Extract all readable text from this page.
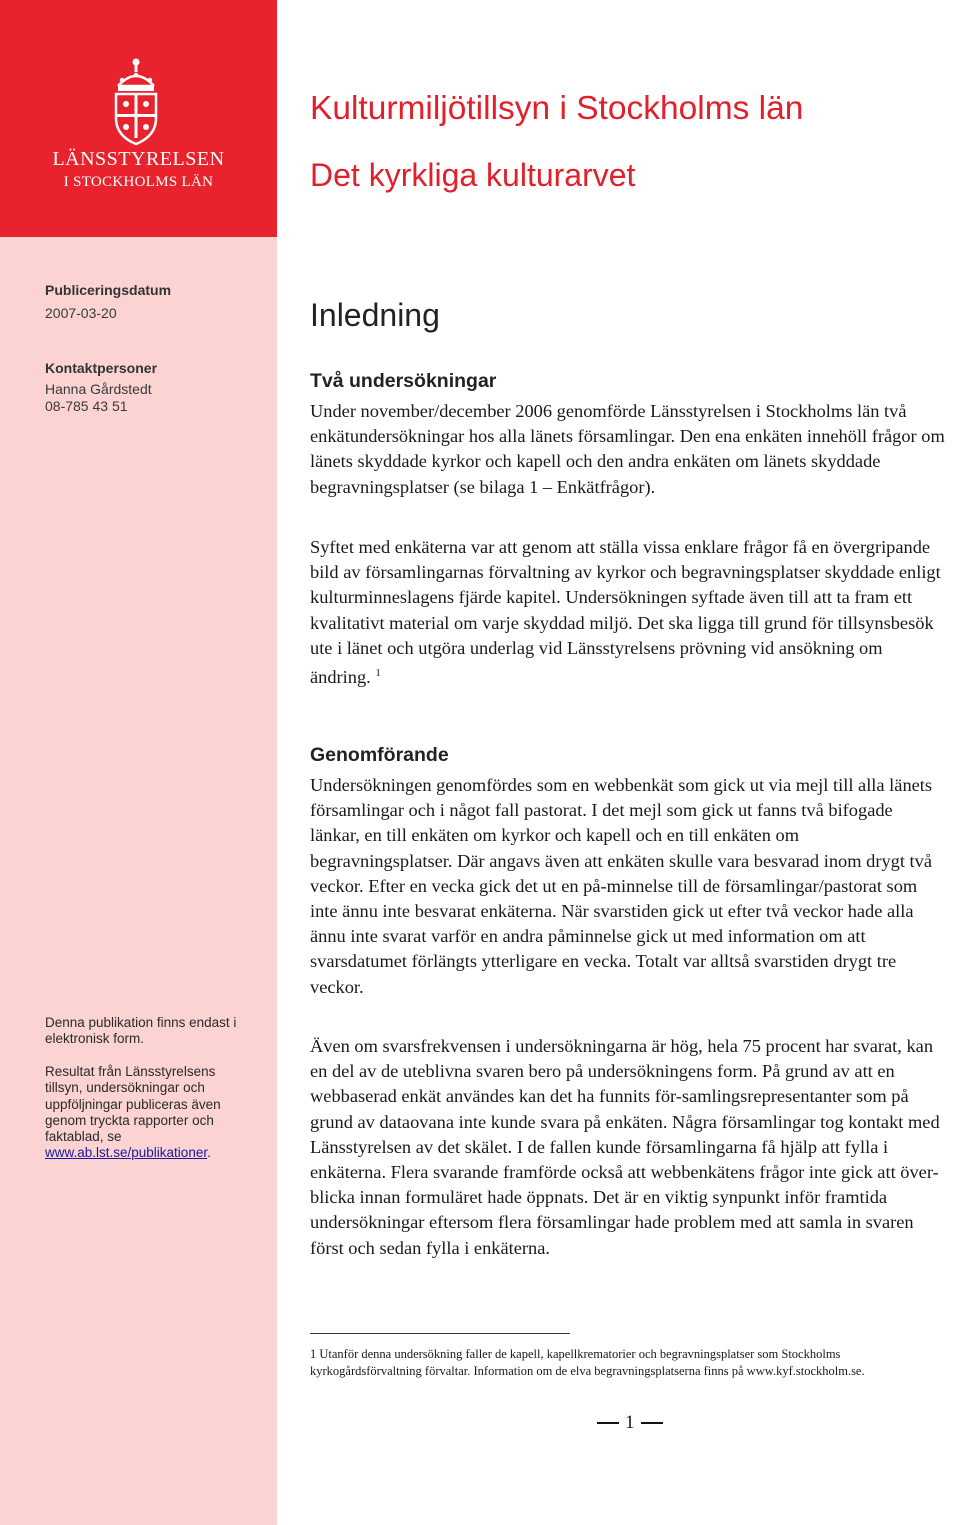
LÄNSSTYRELSEN
I STOCKHOLMS LÄN
Kulturmiljötillsyn i Stockholms län
Det kyrkliga kulturarvet
Publiceringsdatum
2007-03-20
Kontaktpersoner
Hanna Gårdstedt
08-785 43 51
Denna publikation finns endast i elektronisk form.
Resultat från Länsstyrelsens tillsyn, undersökningar och uppföljningar publiceras även genom tryckta rapporter och faktablad, se www.ab.lst.se/publikationer.
Inledning
Två undersökningar
Under november/december 2006 genomförde Länsstyrelsen i Stockholms län två enkätundersökningar hos alla länets församlingar. Den ena enkäten innehöll frågor om länets skyddade kyrkor och kapell och den andra enkäten om länets skyddade begravningsplatser (se bilaga 1 – Enkätfrågor).
Syftet med enkäterna var att genom att ställa vissa enklare frågor få en övergripande bild av församlingarnas förvaltning av kyrkor och begravningsplatser skyddade enligt kulturminneslagens fjärde kapitel. Undersökningen syftade även till att ta fram ett kvalitativt material om varje skyddad miljö. Det ska ligga till grund för tillsynsbesök ute i länet och utgöra underlag vid Länsstyrelsens prövning vid ansökning om ändring. $^1$
Genomförande
Undersökningen genomfördes som en webbenkät som gick ut via mejl till alla länets församlingar och i något fall pastorat. I det mejl som gick ut fanns två bifogade länkar, en till enkäten om kyrkor och kapell och en till enkäten om begravningsplatser. Där angavs även att enkäten skulle vara besvarad inom drygt två veckor. Efter en vecka gick det ut en på-minnelse till de församlingar/pastorat som inte ännu inte besvarat enkäterna. När svarstiden gick ut efter två veckor hade alla ännu inte svarat varför en andra påminnelse gick ut med information om att svarsdatumet förlängts ytterligare en vecka. Totalt var alltså svarstiden drygt tre veckor.
Även om svarsfrekvensen i undersökningarna är hög, hela 75 procent har svarat, kan en del av de uteblivna svaren bero på undersökningens form. På grund av att en webbaserad enkät användes kan det ha funnits för-samlingsrepresentanter som på grund av dataovana inte kunde svara på enkäten. Några församlingar tog kontakt med Länsstyrelsen av det skälet. I de fallen kunde församlingarna få hjälp att fylla i enkäterna. Flera svarande framförde också att webbenkätens frågor inte gick att över-blicka innan formuläret hade öppnats. Det är en viktig synpunkt inför framtida undersökningar eftersom flera församlingar hade problem med att samla in svaren först och sedan fylla i enkäterna.
1 Utanför denna undersökning faller de kapell, kapellkrematorier och begravningsplatser som Stockholms kyrkogårdsförvaltning förvaltar. Information om de elva begravningsplatserna finns på www.kyf.stockholm.se.
1
